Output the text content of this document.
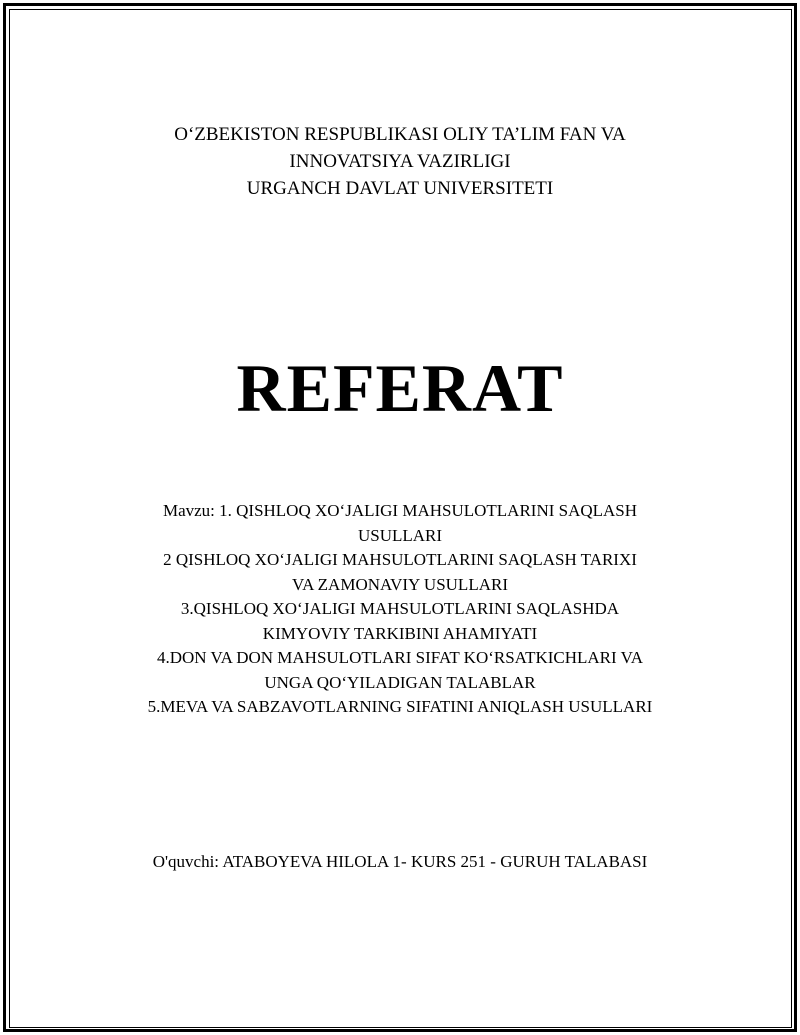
O‘ZBEKISTON RESPUBLIKASI OLIY TA’LIM FAN VA
INNOVATSIYA VAZIRLIGI
URGANCH DAVLAT UNIVERSITETI
REFERAT
Mavzu: 1. QISHLOQ XO‘JALIGI MAHSULOTLARINI SAQLASH
USULLARI
2 QISHLOQ XO‘JALIGI MAHSULOTLARINI SAQLASH TARIXI
VA ZAMONAVIY USULLARI
3.QISHLOQ XO‘JALIGI MAHSULOTLARINI SAQLASHDA
KIMYOVIY TARKIBINI AHAMIYATI
4.DON VA DON MAHSULOTLARI SIFAT KO‘RSATKICHLARI VA
UNGA QO‘YILADIGAN TALABLAR
5.MEVA VA SABZAVOTLARNING SIFATINI ANIQLASH USULLARI
O'quvchi: ATABOYEVA HILOLA 1- KURS 251 - GURUH TALABASI
